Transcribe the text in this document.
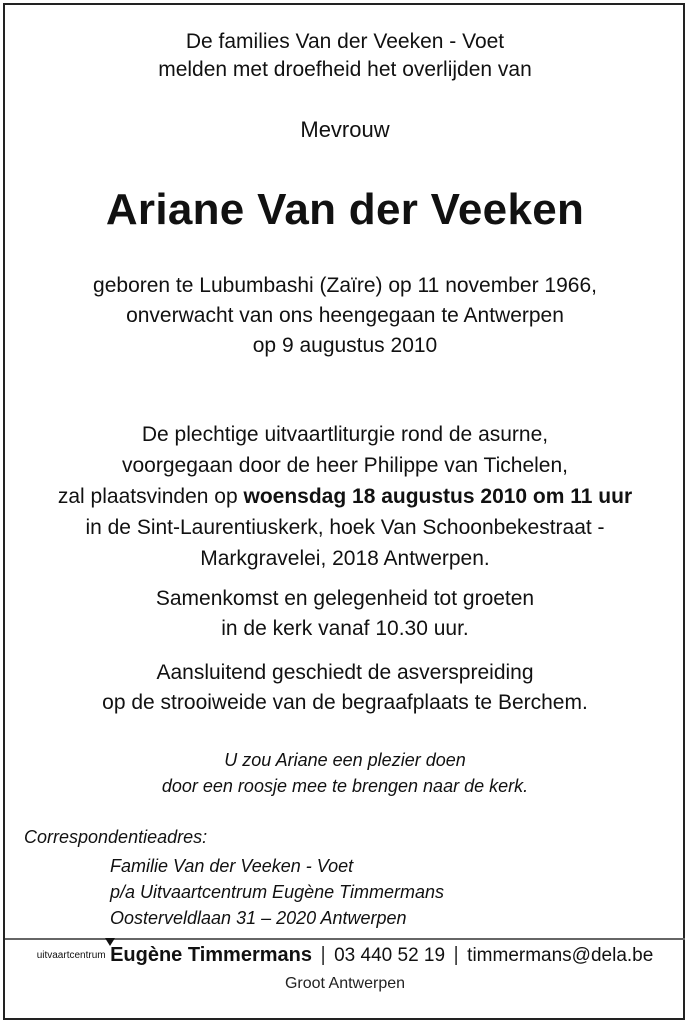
De families Van der Veeken - Voet
melden met droefheid het overlijden van
Mevrouw
Ariane Van der Veeken
geboren te Lubumbashi (Zaïre) op 11 november 1966,
onverwacht van ons heengegaan te Antwerpen
op 9 augustus 2010
De plechtige uitvaartliturgie rond de asurne,
voorgegaan door de heer Philippe van Tichelen,
zal plaatsvinden op woensdag 18 augustus 2010 om 11 uur
in de Sint-Laurentiuskerk, hoek Van Schoonbekestraat -
Markgravelei, 2018 Antwerpen.
Samenkomst en gelegenheid tot groeten
in de kerk vanaf 10.30 uur.
Aansluitend geschiedt de asverspreiding
op de strooiweide van de begraafplaats te Berchem.
U zou Ariane een plezier doen
door een roosje mee te brengen naar de kerk.
Correspondentieadres:
Familie Van der Veeken - Voet
p/a Uitvaartcentrum Eugène Timmermans
Oosterveldlaan 31 – 2020 Antwerpen
uitvaartcentrum Eugène Timmermans | 03 440 52 19 | timmermans@dela.be
Groot Antwerpen
